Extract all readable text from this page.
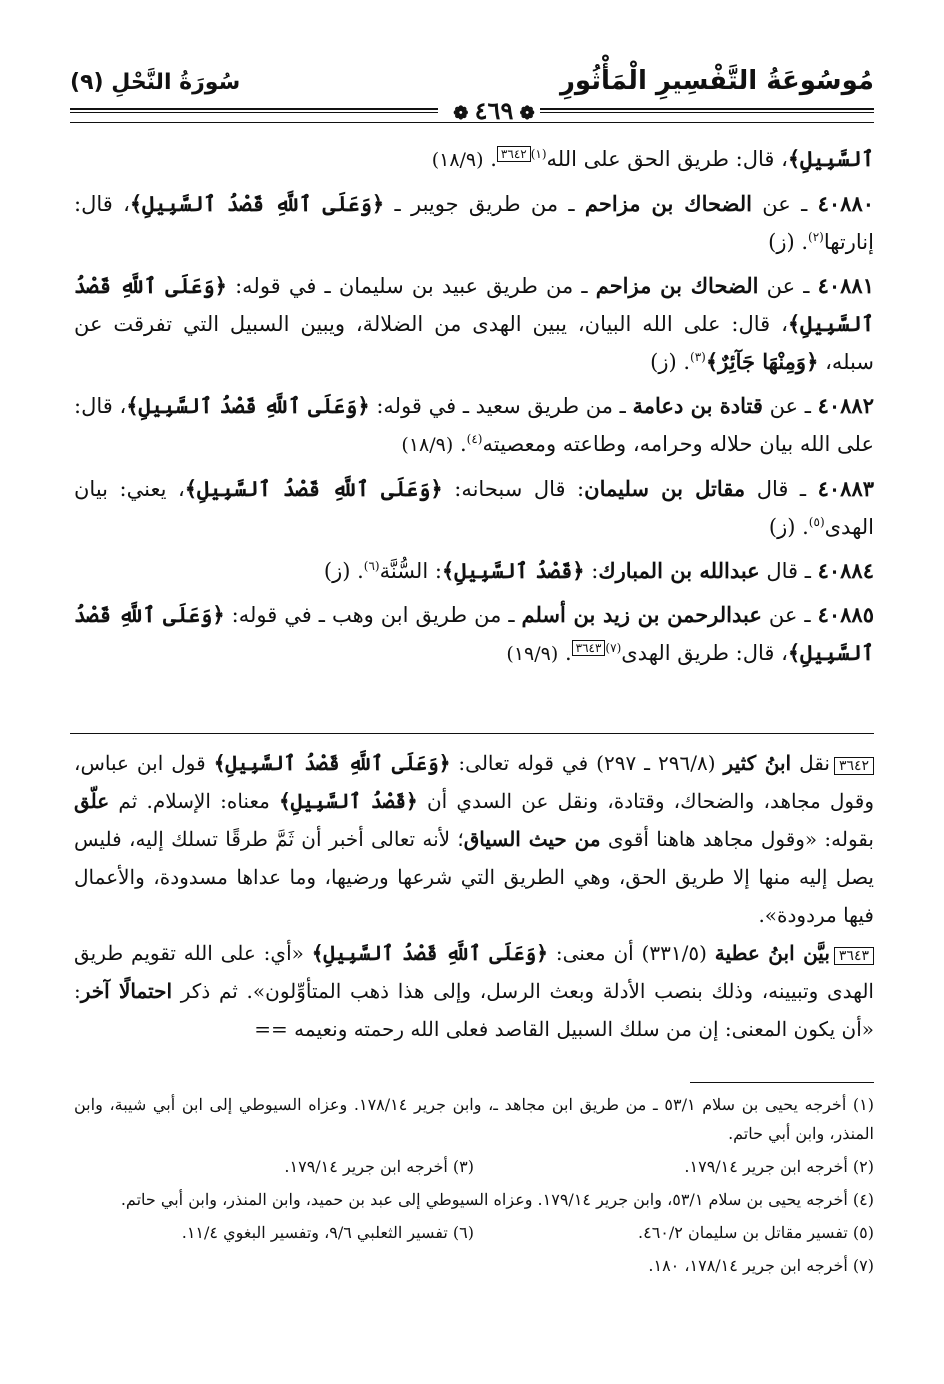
مُوسُوعَةُ التَّفْسِيرِ الْمَأْثُورِ
سُورَةُ النَّحْلِ (٩)
❁ ٤٦٩ ❁

ٱلسَّبِيلِ﴾، قال: طريق الحق على الله$^{(١)}$٣٦٤٢. (١٨/٩)

٤٠٨٨٠ ـ عن الضحاك بن مزاحم ـ من طريق جويبر ـ ﴿وَعَلَى ٱللَّهِ قَصْدُ ٱلسَّبِيلِ﴾، قال: إنارتها$^{(٢)}$. (ز)

٤٠٨٨١ ـ عن الضحاك بن مزاحم ـ من طريق عبيد بن سليمان ـ في قوله: ﴿وَعَلَى ٱللَّهِ قَصْدُ ٱلسَّبِيلِ﴾، قال: على الله البيان، يبين الهدى من الضلالة، ويبين السبيل التي تفرقت عن سبله، ﴿وَمِنْهَا جَآئِرٌ﴾$^{(٣)}$. (ز)

٤٠٨٨٢ ـ عن قتادة بن دعامة ـ من طريق سعيد ـ في قوله: ﴿وَعَلَى ٱللَّهِ قَصْدُ ٱلسَّبِيلِ﴾، قال: على الله بيان حلاله وحرامه، وطاعته ومعصيته$^{(٤)}$. (١٨/٩)

٤٠٨٨٣ ـ قال مقاتل بن سليمان: قال سبحانه: ﴿وَعَلَى ٱللَّهِ قَصْدُ ٱلسَّبِيلِ﴾، يعني: بيان الهدى$^{(٥)}$. (ز)

٤٠٨٨٤ ـ قال عبدالله بن المبارك: ﴿قَصْدُ ٱلسَّبِيلِ﴾: السُّنَّة$^{(٦)}$. (ز)

٤٠٨٨٥ ـ عن عبدالرحمن بن زيد بن أسلم ـ من طريق ابن وهب ـ في قوله: ﴿وَعَلَى ٱللَّهِ قَصْدُ ٱلسَّبِيلِ﴾، قال: طريق الهدى$^{(٧)}$٣٦٤٣. (١٩/٩)

٣٦٤٢نقل ابنُ كثير (٢٩٦/٨ ـ ٢٩٧) في قوله تعالى: ﴿وَعَلَى ٱللَّهِ قَصْدُ ٱلسَّبِيلِ﴾ قول ابن عباس، وقول مجاهد، والضحاك، وقتادة، ونقل عن السدي أن ﴿قَصْدُ ٱلسَّبِيلِ﴾ معناه: الإسلام. ثم علّق بقوله: «وقول مجاهد هاهنا أقوى من حيث السياق؛ لأنه تعالى أخبر أن ثَمَّ طرقًا تسلك إليه، فليس يصل إليه منها إلا طريق الحق، وهي الطريق التي شرعها ورضيها، وما عداها مسدودة، والأعمال فيها مردودة».

٣٦٤٣بيَّن ابنُ عطية (٣٣١/٥) أن معنى: ﴿وَعَلَى ٱللَّهِ قَصْدُ ٱلسَّبِيلِ﴾ «أي: على الله تقويم طريق الهدى وتبيينه، وذلك بنصب الأدلة وبعث الرسل، وإلى هذا ذهب المتأوِّلون». ثم ذكر احتمالًا آخر: «أن يكون المعنى: إن من سلك السبيل القاصد فعلى الله رحمته ونعيمه ==

(١) أخرجه يحيى بن سلام ٥٣/١ ـ من طريق ابن مجاهد ـ، وابن جرير ١٧٨/١٤. وعزاه السيوطي إلى ابن أبي شيبة، وابن المنذر، وابن أبي حاتم.

(٢) أخرجه ابن جرير ١٧٩/١٤.
(٣) أخرجه ابن جرير ١٧٩/١٤.

(٤) أخرجه يحيى بن سلام ٥٣/١، وابن جرير ١٧٩/١٤. وعزاه السيوطي إلى عبد بن حميد، وابن المنذر، وابن أبي حاتم.

(٥) تفسير مقاتل بن سليمان ٤٦٠/٢.
(٦) تفسير الثعلبي ٩/٦، وتفسير البغوي ١١/٤.

(٧) أخرجه ابن جرير ١٧٨/١٤، ١٨٠.
